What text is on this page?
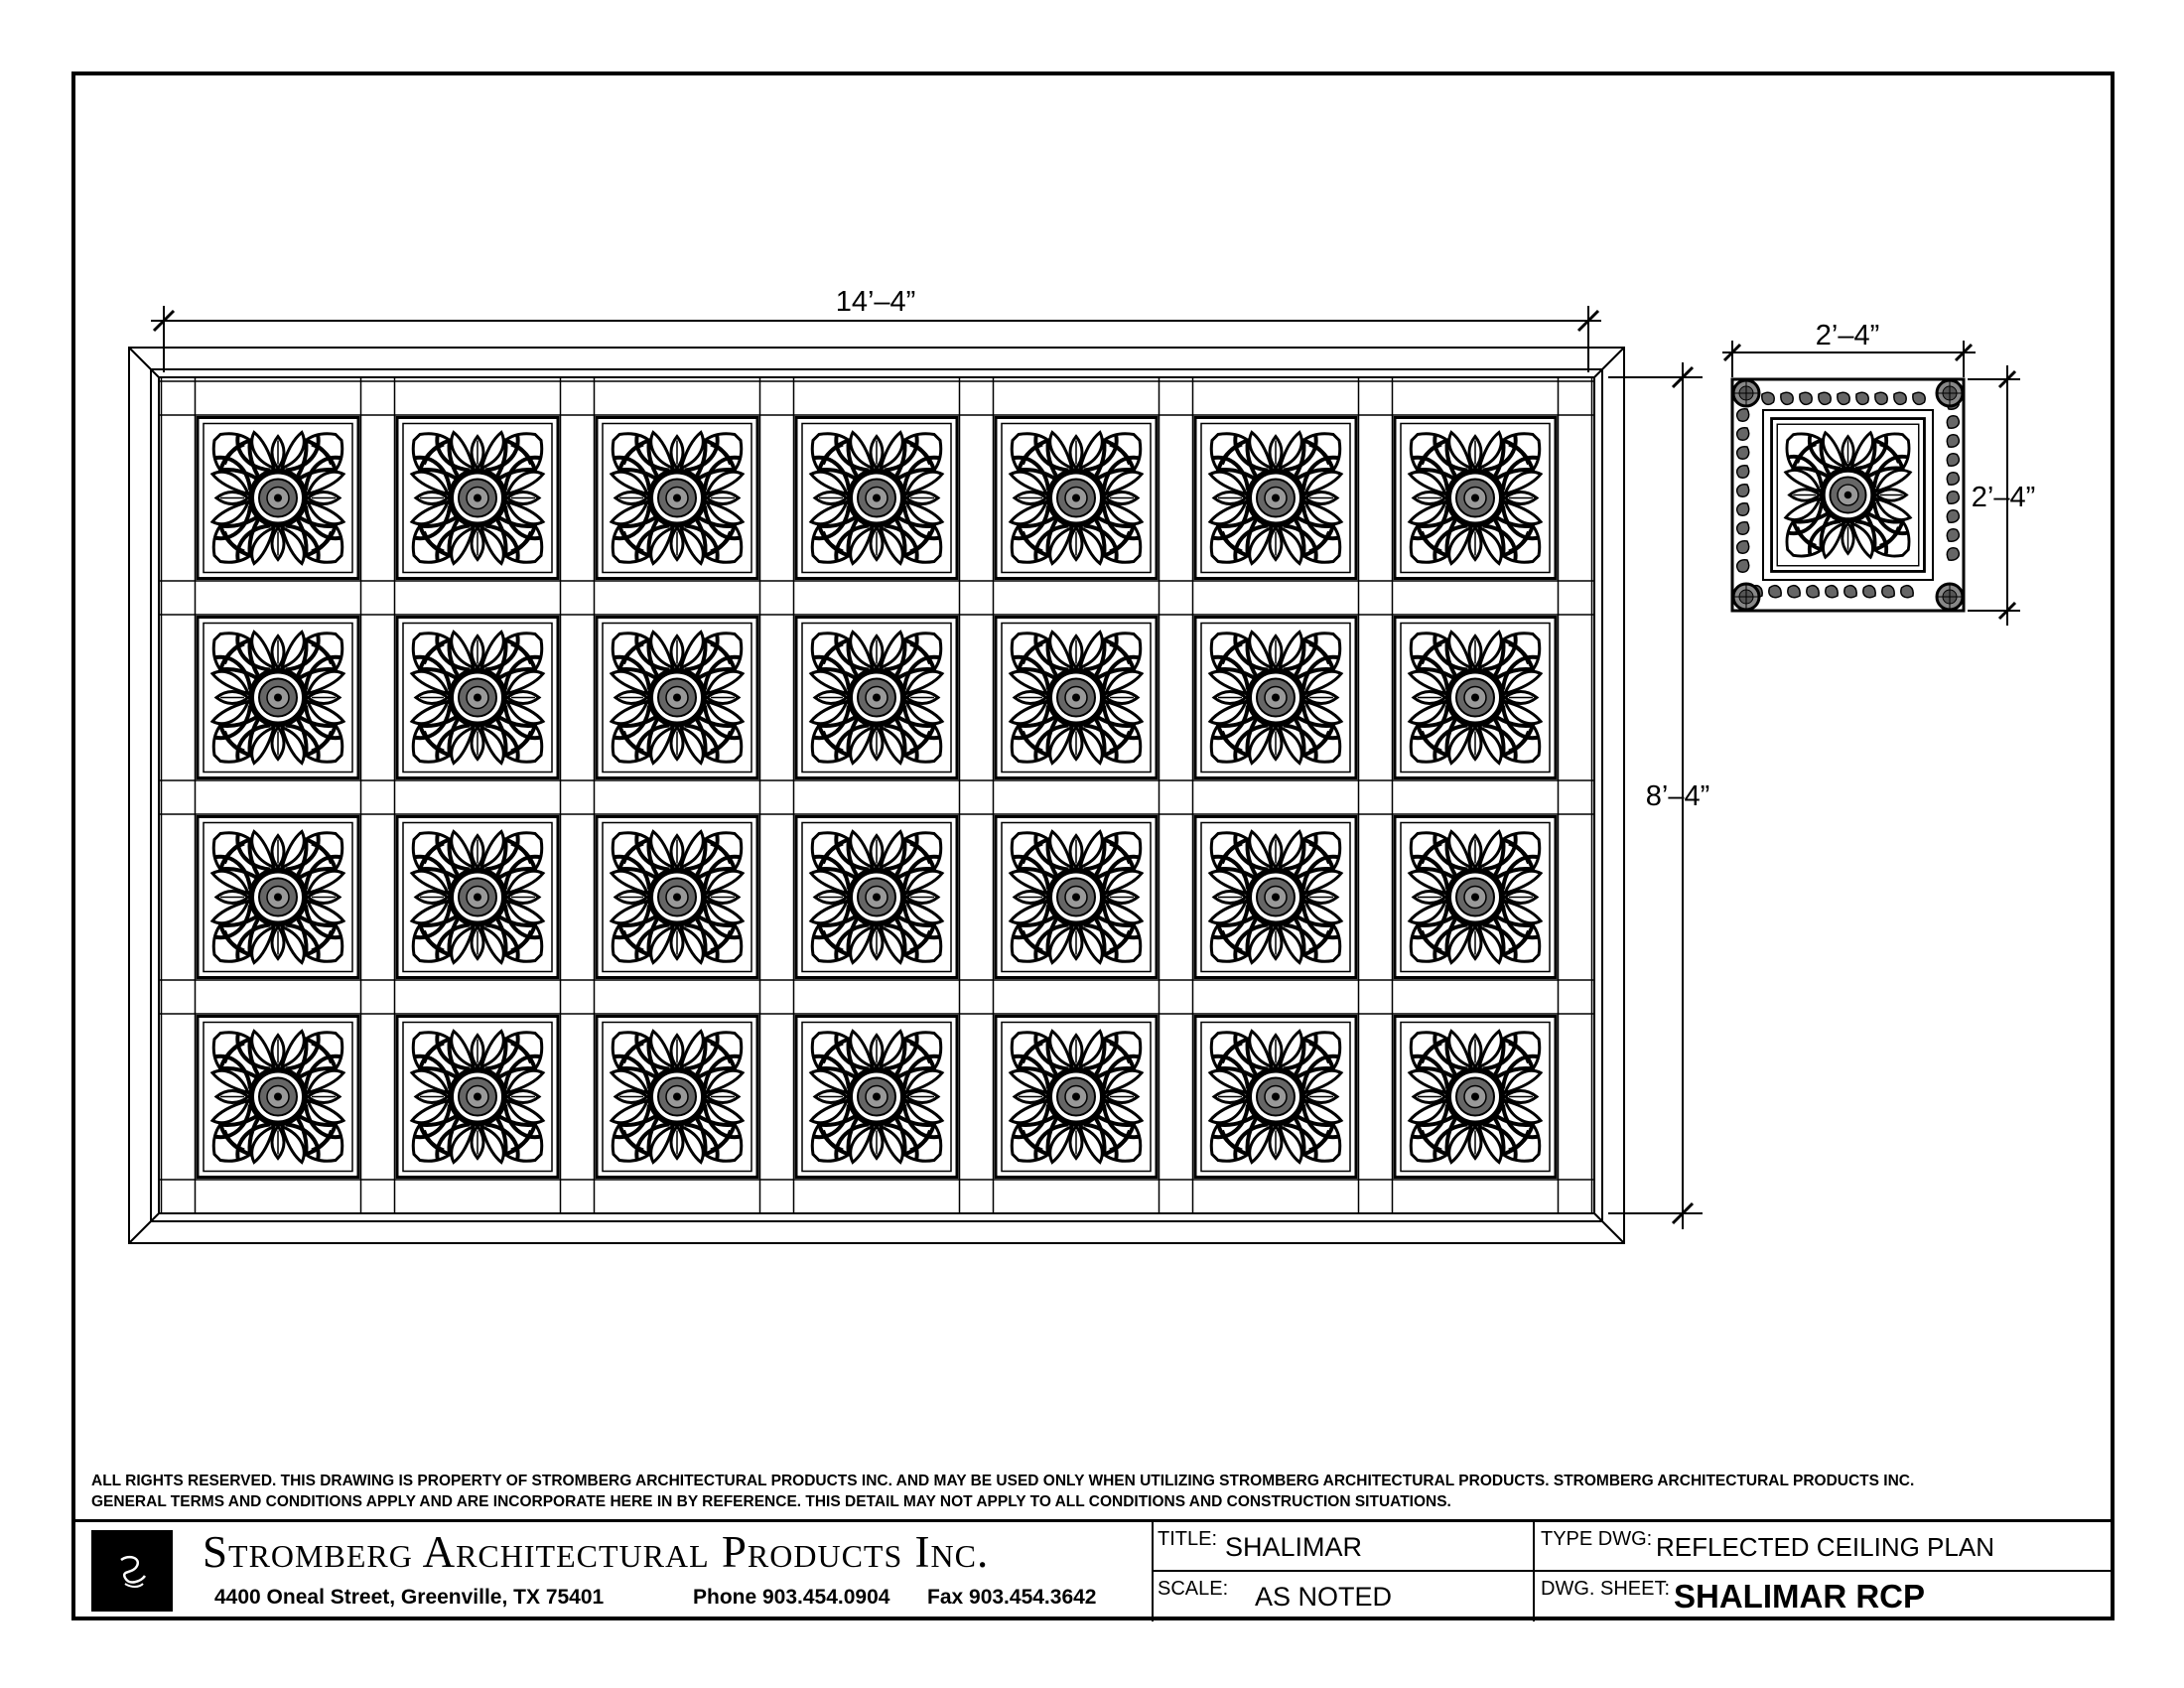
14’–4”
8’–4”
2’–4”
2’–4”
ALL RIGHTS RESERVED. THIS DRAWING IS PROPERTY OF STROMBERG ARCHITECTURAL PRODUCTS INC. AND MAY BE USED ONLY WHEN UTILIZING STROMBERG ARCHITECTURAL PRODUCTS. STROMBERG ARCHITECTURAL PRODUCTS INC.
GENERAL TERMS AND CONDITIONS APPLY AND ARE INCORPORATE HERE IN BY REFERENCE. THIS DETAIL MAY NOT APPLY TO ALL CONDITIONS AND CONSTRUCTION SITUATIONS.
Stromberg Architectural Products Inc.
4400 Oneal Street, Greenville, TX 75401	Phone 903.454.0904 Fax 903.454.3642
TITLE: SHALIMAR
SCALE: AS NOTED
TYPE DWG: REFLECTED CEILING PLAN
DWG. SHEET: SHALIMAR RCP
